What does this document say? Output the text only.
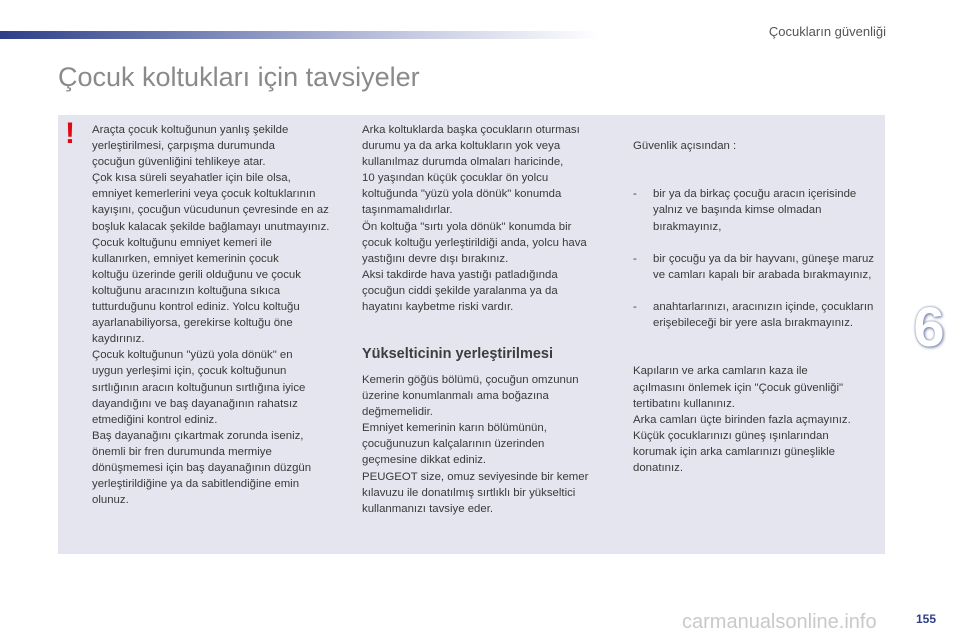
Çocukların güvenliği
Çocuk koltukları için tavsiyeler
! Araçta çocuk koltuğunun yanlış şekilde
yerleştirilmesi, çarpışma durumunda
çocuğun güvenliğini tehlikeye atar.
Çok kısa süreli seyahatler için bile olsa,
emniyet kemerlerini veya çocuk koltuklarının
kayışını, çocuğun vücudunun çevresinde en az
boşluk kalacak şekilde bağlamayı unutmayınız.
Çocuk koltuğunu emniyet kemeri ile
kullanırken, emniyet kemerinin çocuk
koltuğu üzerinde gerili olduğunu ve çocuk
koltuğunu aracınızın koltuğuna sıkıca
tutturduğunu kontrol ediniz. Yolcu koltuğu
ayarlanabiliyorsa, gerekirse koltuğu öne
kaydırınız.
Çocuk koltuğunun "yüzü yola dönük" en
uygun yerleşimi için, çocuk koltuğunun
sırtlığının aracın koltuğunun sırtlığına iyice
dayandığını ve baş dayanağının rahatsız
etmediğini kontrol ediniz.
Baş dayanağını çıkartmak zorunda iseniz,
önemli bir fren durumunda mermiye
dönüşmemesi için baş dayanağının düzgün
yerleştirildiğine ya da sabitlendiğine emin
olunuz.
Arka koltuklarda başka çocukların oturması
durumu ya da arka koltukların yok veya
kullanılmaz durumda olmaları haricinde,
10 yaşından küçük çocuklar ön yolcu
koltuğunda "yüzü yola dönük" konumda
taşınmamalıdırlar.
Ön koltuğa "sırtı yola dönük" konumda bir
çocuk koltuğu yerleştirildiği anda, yolcu hava
yastığını devre dışı bırakınız.
Aksi takdirde hava yastığı patladığında
çocuğun ciddi şekilde yaralanma ya da
hayatını kaybetme riski vardır.
Yükselticinin yerleştirilmesi
Kemerin göğüs bölümü, çocuğun omzunun
üzerine konumlanmalı ama boğazına
değmemelidir.
Emniyet kemerinin karın bölümünün,
çocuğunuzun kalçalarının üzerinden
geçmesine dikkat ediniz.
PEUGEOT size, omuz seviyesinde bir kemer
kılavuzu ile donatılmış sırtlıklı bir yükseltici
kullanmanızı tavsiye eder.

Güvenlik açısından :

- bir ya da birkaç çocuğu aracın içerisinde yalnız ve başında kimse olmadan bırakmayınız,

- bir çocuğu ya da bir hayvanı, güneşe maruz ve camları kapalı bir arabada bırakmayınız,

- anahtarlarınızı, aracınızın içinde, çocukların erişebileceği bir yere asla bırakmayınız.

Kapıların ve arka camların kaza ile
açılmasını önlemek için "Çocuk güvenliği"
tertibatını kullanınız.
Arka camları üçte birinden fazla açmayınız.
Küçük çocuklarınızı güneş ışınlarından
korumak için arka camlarınızı güneşlikle
donatınız.

6
carmanualsonline.info	155
